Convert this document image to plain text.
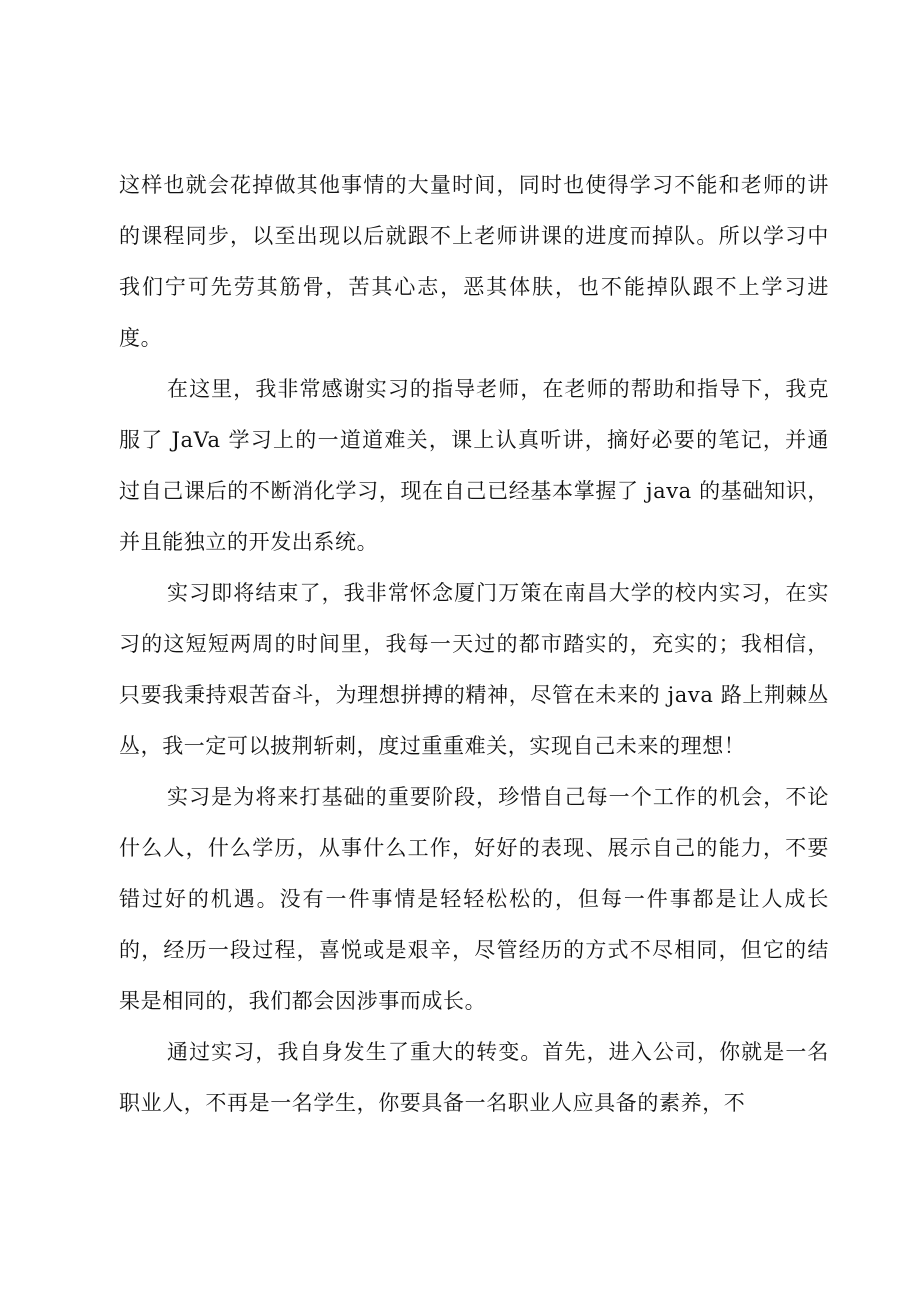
这样也就会花掉做其他事情的大量时间，同时也使得学习不能和老师的讲的课程同步，以至出现以后就跟不上老师讲课的进度而掉队。所以学习中我们宁可先劳其筋骨，苦其心志，恶其体肤，也不能掉队跟不上学习进度。

在这里，我非常感谢实习的指导老师，在老师的帮助和指导下，我克服了 JaVa 学习上的一道道难关，课上认真听讲，摘好必要的笔记，并通过自己课后的不断消化学习，现在自己已经基本掌握了 java 的基础知识，并且能独立的开发出系统。

实习即将结束了，我非常怀念厦门万策在南昌大学的校内实习，在实习的这短短两周的时间里，我每一天过的都市踏实的，充实的；我相信，只要我秉持艰苦奋斗，为理想拼搏的精神，尽管在未来的 java 路上荆棘丛丛，我一定可以披荆斩刺，度过重重难关，实现自己未来的理想！

实习是为将来打基础的重要阶段，珍惜自己每一个工作的机会，不论什么人，什么学历，从事什么工作，好好的表现、展示自己的能力，不要错过好的机遇。没有一件事情是轻轻松松的，但每一件事都是让人成长的，经历一段过程，喜悦或是艰辛，尽管经历的方式不尽相同，但它的结果是相同的，我们都会因涉事而成长。

通过实习，我自身发生了重大的转变。首先，进入公司，你就是一名职业人，不再是一名学生，你要具备一名职业人应具备的素养，不
